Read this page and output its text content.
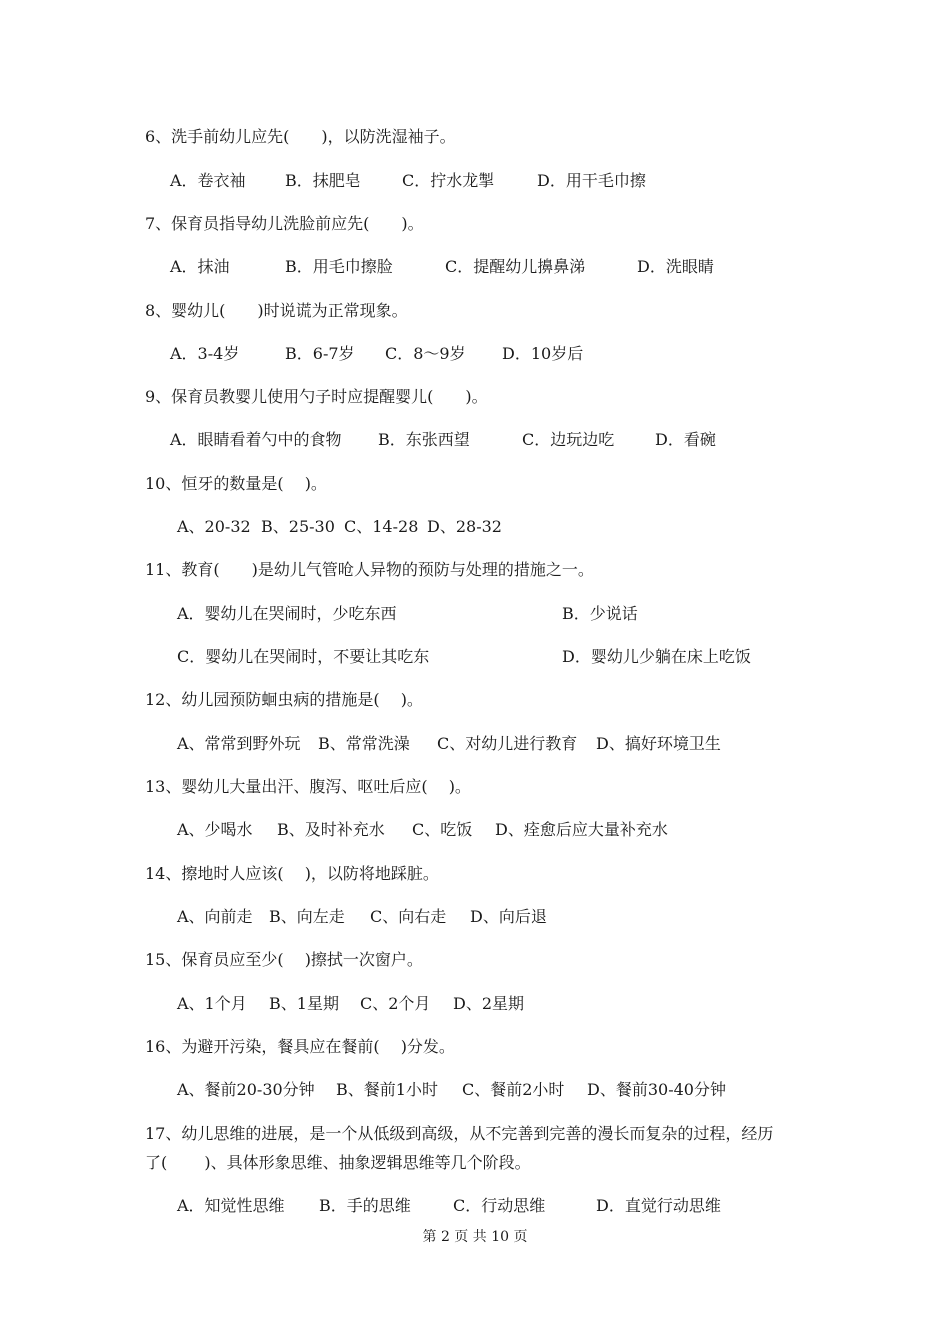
6、洗手前幼儿应先(　　)，以防洗湿袖子。
A．卷衣袖 B．抹肥皂	C．拧水龙掣	D．用干毛巾擦
7、保育员指导幼儿洗脸前应先(　　)。
A．抹油	B．用毛巾擦脸	C．提醒幼儿擤鼻涕	D．洗眼睛
8、婴幼儿(　　)时说谎为正常现象。
A．3-4岁	B．6-7岁 C．8～9岁 D．10岁后
9、保育员教婴儿使用勺子时应提醒婴儿(　　)。
A．眼睛看着勺中的食物 B．东张西望	C．边玩边吃	D．看碗
10、恒牙的数量是(　 )。
A、20-32 B、25-30 C、14-28 D、28-32
11、教育(　　)是幼儿气管呛人异物的预防与处理的措施之一。
A．婴幼儿在哭闹时，少吃东西	B．少说话
C．婴幼儿在哭闹时，不要让其吃东	D．婴幼儿少躺在床上吃饭
12、幼儿园预防蛔虫病的措施是(　 )。
A、常常到野外玩 B、常常洗澡 C、对幼儿进行教育 D、搞好环境卫生
13、婴幼儿大量出汗、腹泻、呕吐后应(　 )。
A、少喝水 B、及时补充水 C、吃饭 D、痊愈后应大量补充水
14、擦地时人应该(　 )，以防将地踩脏。
A、向前走 B、向左走 C、向右走 D、向后退
15、保育员应至少(　 )擦拭一次窗户。
A、1个月 B、1星期 C、2个月 D、2星期
16、为避开污染，餐具应在餐前(　 )分发。
A、餐前20-30分钟 B、餐前1小时 C、餐前2小时 D、餐前30-40分钟
17、幼儿思维的进展，是一个从低级到高级，从不完善到完善的漫长而复杂的过程，经历
了(　　 )、具体形象思维、抽象逻辑思维等几个阶段。
A．知觉性思维 B．手的思维	C．行动思维	D．直觉行动思维
第 2 页 共 10 页
